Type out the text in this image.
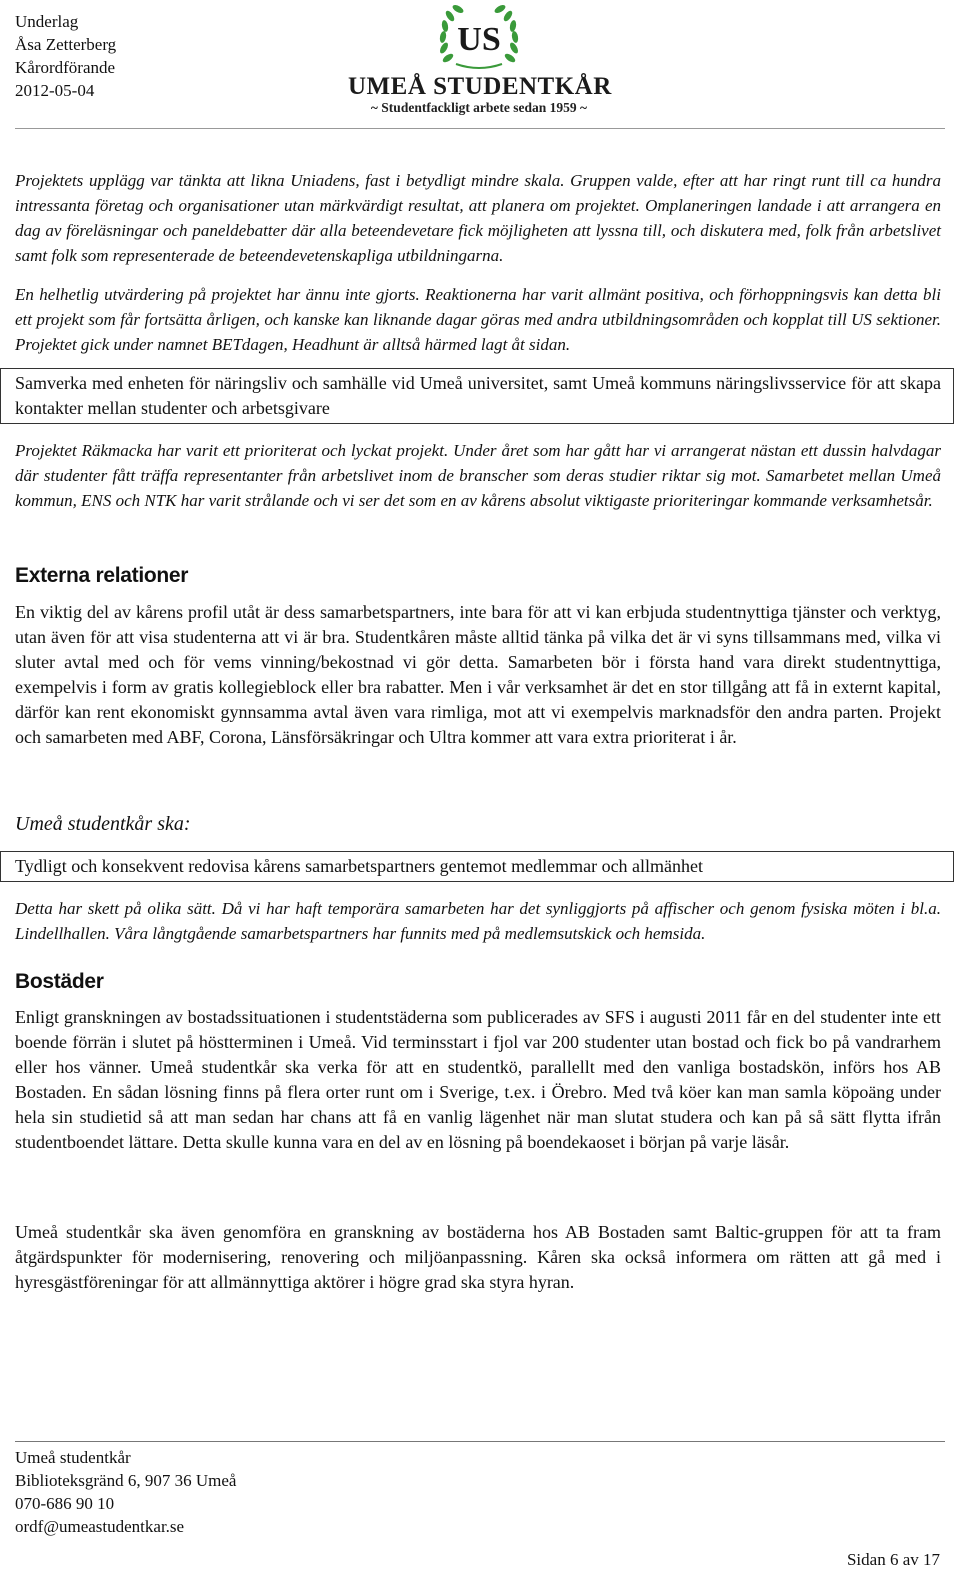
Underlag
Åsa Zetterberg
Kårordförande
2012-05-04
US
UMEÅ STUDENTKÅR
~ Studentfackligt arbete sedan 1959 ~
Projektets upplägg var tänkta att likna Uniadens, fast i betydligt mindre skala. Gruppen valde, efter att har ringt runt till ca hundra intressanta företag och organisationer utan märkvärdigt resultat, att planera om projektet. Omplaneringen landade i att arrangera en dag av föreläsningar och paneldebatter där alla beteendevetare fick möjligheten att lyssna till, och diskutera med, folk från arbetslivet samt folk som representerade de beteendevetenskapliga utbildningarna.
En helhetlig utvärdering på projektet har ännu inte gjorts. Reaktionerna har varit allmänt positiva, och förhoppningsvis kan detta bli ett projekt som får fortsätta årligen, och kanske kan liknande dagar göras med andra utbildningsområden och kopplat till US sektioner. Projektet gick under namnet BETdagen, Headhunt är alltså härmed lagt åt sidan.
Samverka med enheten för näringsliv och samhälle vid Umeå universitet, samt Umeå kommuns näringslivsservice för att skapa kontakter mellan studenter och arbetsgivare
Projektet Räkmacka har varit ett prioriterat och lyckat projekt. Under året som har gått har vi arrangerat nästan ett dussin halvdagar där studenter fått träffa representanter från arbetslivet inom de branscher som deras studier riktar sig mot. Samarbetet mellan Umeå kommun, ENS och NTK har varit strålande och vi ser det som en av kårens absolut viktigaste prioriteringar kommande verksamhetsår.
Externa relationer
En viktig del av kårens profil utåt är dess samarbetspartners, inte bara för att vi kan erbjuda studentnyttiga tjänster och verktyg, utan även för att visa studenterna att vi är bra. Studentkåren måste alltid tänka på vilka det är vi syns tillsammans med, vilka vi sluter avtal med och för vems vinning/bekostnad vi gör detta. Samarbeten bör i första hand vara direkt studentnyttiga, exempelvis i form av gratis kollegieblock eller bra rabatter. Men i vår verksamhet är det en stor tillgång att få in externt kapital, därför kan rent ekonomiskt gynnsamma avtal även vara rimliga, mot att vi exempelvis marknadsför den andra parten. Projekt och samarbeten med ABF, Corona, Länsförsäkringar och Ultra kommer att vara extra prioriterat i år.
Umeå studentkår ska:
Tydligt och konsekvent redovisa kårens samarbetspartners gentemot medlemmar och allmänhet
Detta har skett på olika sätt. Då vi har haft temporära samarbeten har det synliggjorts på affischer och genom fysiska möten i bl.a. Lindellhallen. Våra långtgående samarbetspartners har funnits med på medlemsutskick och hemsida.
Bostäder
Enligt granskningen av bostadssituationen i studentstäderna som publicerades av SFS i augusti 2011 får en del studenter inte ett boende förrän i slutet på höstterminen i Umeå. Vid terminsstart i fjol var 200 studenter utan bostad och fick bo på vandrarhem eller hos vänner. Umeå studentkår ska verka för att en studentkö, parallellt med den vanliga bostadskön, införs hos AB Bostaden. En sådan lösning finns på flera orter runt om i Sverige, t.ex. i Örebro. Med två köer kan man samla köpoäng under hela sin studietid så att man sedan har chans att få en vanlig lägenhet när man slutat studera och kan på så sätt flytta ifrån studentboendet lättare. Detta skulle kunna vara en del av en lösning på boendekaoset i början på varje läsår.
Umeå studentkår ska även genomföra en granskning av bostäderna hos AB Bostaden samt Baltic-gruppen för att ta fram åtgärdspunkter för modernisering, renovering och miljöanpassning. Kåren ska också informera om rätten att gå med i hyresgästföreningar för att allmännyttiga aktörer i högre grad ska styra hyran.
Umeå studentkår
Biblioteksgränd 6, 907 36 Umeå
070-686 90 10
ordf@umeastudentkar.se
Sidan 6 av 17
